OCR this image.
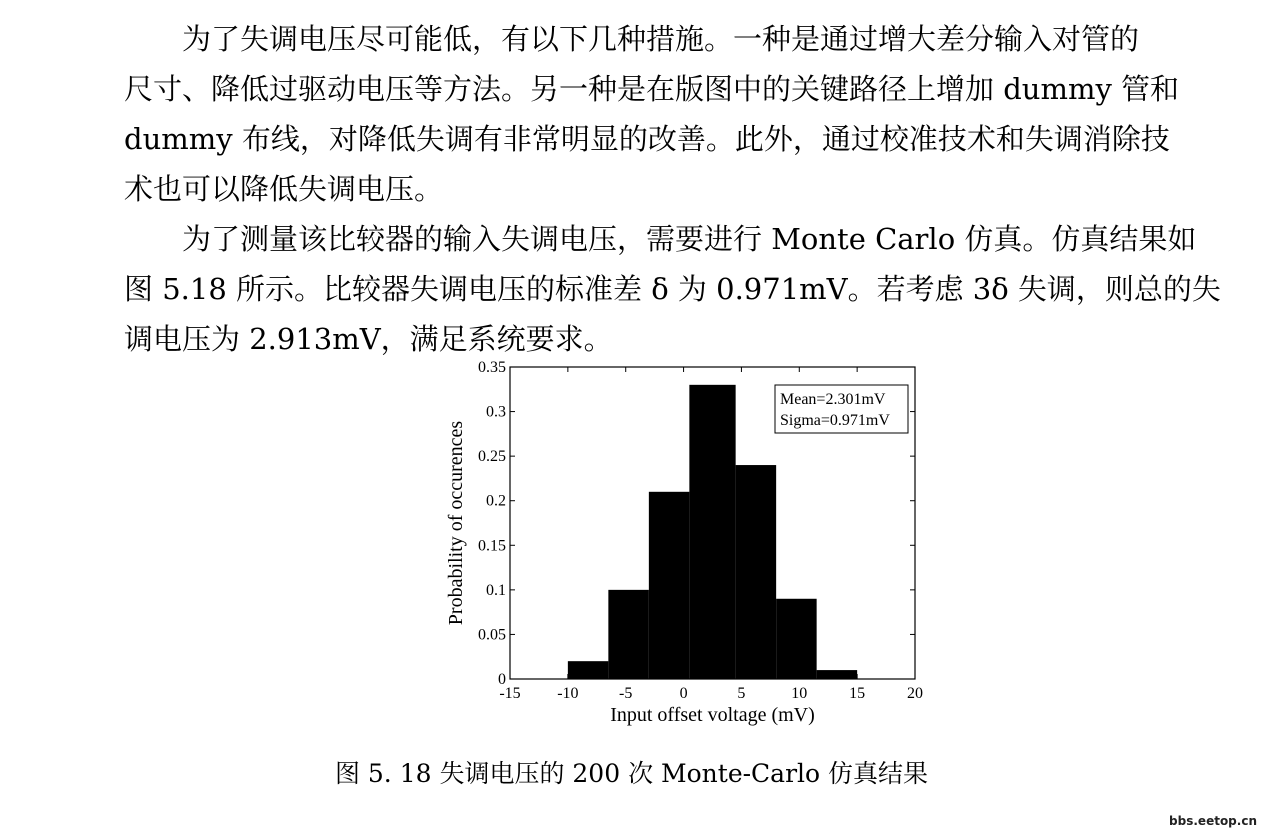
为了失调电压尽可能低，有以下几种措施。一种是通过增大差分输入对管的
尺寸、降低过驱动电压等方法。另一种是在版图中的关键路径上增加 dummy 管和
dummy 布线，对降低失调有非常明显的改善。此外，通过校准技术和失调消除技
术也可以降低失调电压。
为了测量该比较器的输入失调电压，需要进行 Monte Carlo 仿真。仿真结果如
图 5.18 所示。比较器失调电压的标准差 δ 为 0.971mV。若考虑 3δ 失调，则总的失
调电压为 2.913mV，满足系统要求。
-15 -10	-5	0	5	10	15	20
0
0.05
0.1
0.15
0.2
0.25
0.3
0.35
Input offset voltage (mV)
Probability of occurences
Mean=2.301mV
Sigma=0.971mV

图 5. 18 失调电压的 200 次 Monte-Carlo 仿真结果

bbs.eetop.cn
